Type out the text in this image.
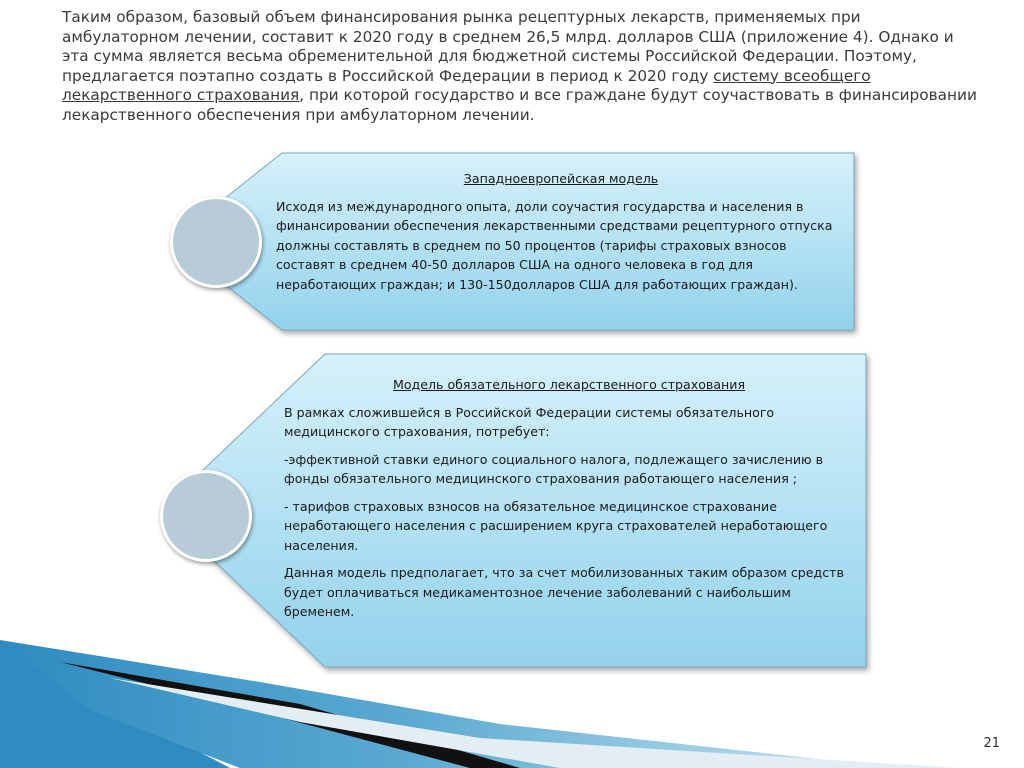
Таким образом, базовый объем финансирования рынка рецептурных лекарств, применяемых при амбулаторном лечении, составит к 2020 году в среднем 26,5 млрд. долларов США (приложение 4). Однако и эта сумма является весьма обременительной для бюджетной системы Российской Федерации. Поэтому, предлагается поэтапно создать в Российской Федерации в период к 2020 году систему всеобщего лекарственного страхования, при которой государство и все граждане будут соучаствовать в финансировании лекарственного обеспечения при амбулаторном лечении.

Западноевропейская модель

Исходя из международного опыта, доли соучастия государства и населения в финансировании обеспечения лекарственными средствами рецептурного отпуска должны составлять в среднем по 50 процентов (тарифы страховых взносов составят в среднем 40-50 долларов США на одного человека в год для неработающих граждан; и 130-150долларов США для работающих граждан).

Модель обязательного лекарственного страхования

В рамках сложившейся в Российской Федерации системы обязательного медицинского страхования, потребует:

-эффективной ставки единого социального налога, подлежащего зачислению в фонды обязательного медицинского страхования работающего населения ;

- тарифов страховых взносов на обязательное медицинское страхование неработающего населения с расширением круга страхователей неработающего населения.

Данная модель предполагает, что за счет мобилизованных таким образом средств будет оплачиваться медикаментозное лечение заболеваний с наибольшим бременем.

21
